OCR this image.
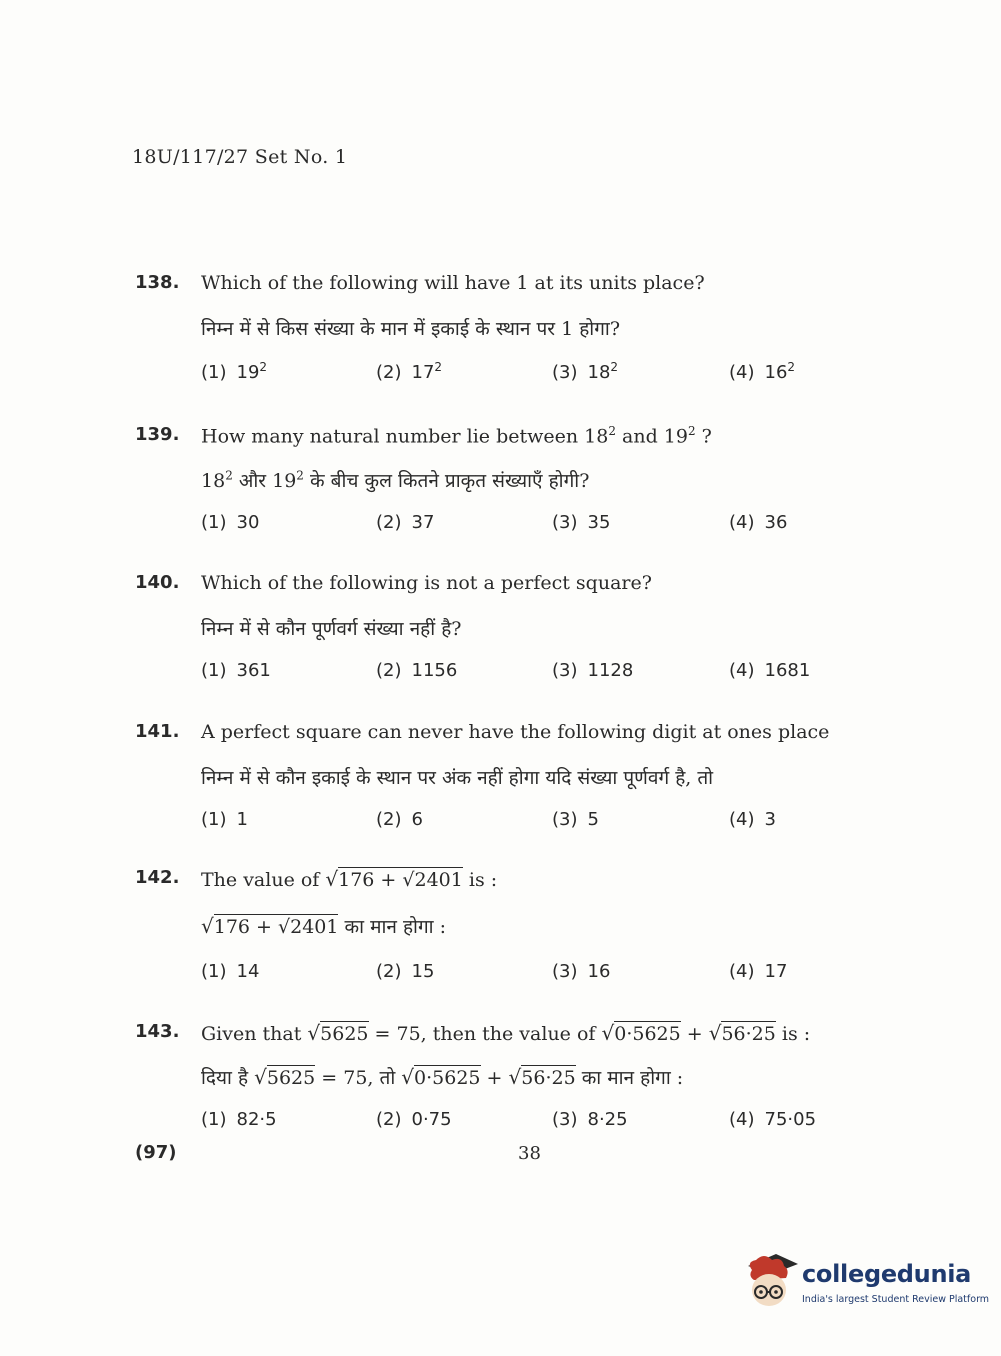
18U/117/27 Set No. 1
138. Which of the following will have 1 at its units place?
निम्न में से किस संख्या के मान में इकाई के स्थान पर 1 होगा?
(1) $19^2$	(2) $17^2$	(3) $18^2$	(4) $16^2$
139. How many natural number lie between $18^2$ and $19^2$ ?
$18^2$ और $19^2$ के बीच कुल कितने प्राकृत संख्याएँ होगी?
(1) 30	(2) 37	(3) 35	(4) 36
140. Which of the following is not a perfect square?
निम्न में से कौन पूर्णवर्ग संख्या नहीं है?
(1) 361	(2) 1156	(3) 1128	(4) 1681
141. A perfect square can never have the following digit at ones place
निम्न में से कौन इकाई के स्थान पर अंक नहीं होगा यदि संख्या पूर्णवर्ग है, तो
(1) 1	(2) 6	(3) 5	(4) 3
142. The value of √176 + √2401 is :
√176 + √2401 का मान होगा :
(1) 14	(2) 15	(3) 16	(4) 17
143. Given that √5625 = 75, then the value of √0·5625 + √56·25 is :
दिया है √5625 = 75, तो √0·5625 + √56·25 का मान होगा :
(1) 82·5	(2) 0·75	(3) 8·25	(4) 75·05
(97)	38
collegedunia
India's largest Student Review Platform
